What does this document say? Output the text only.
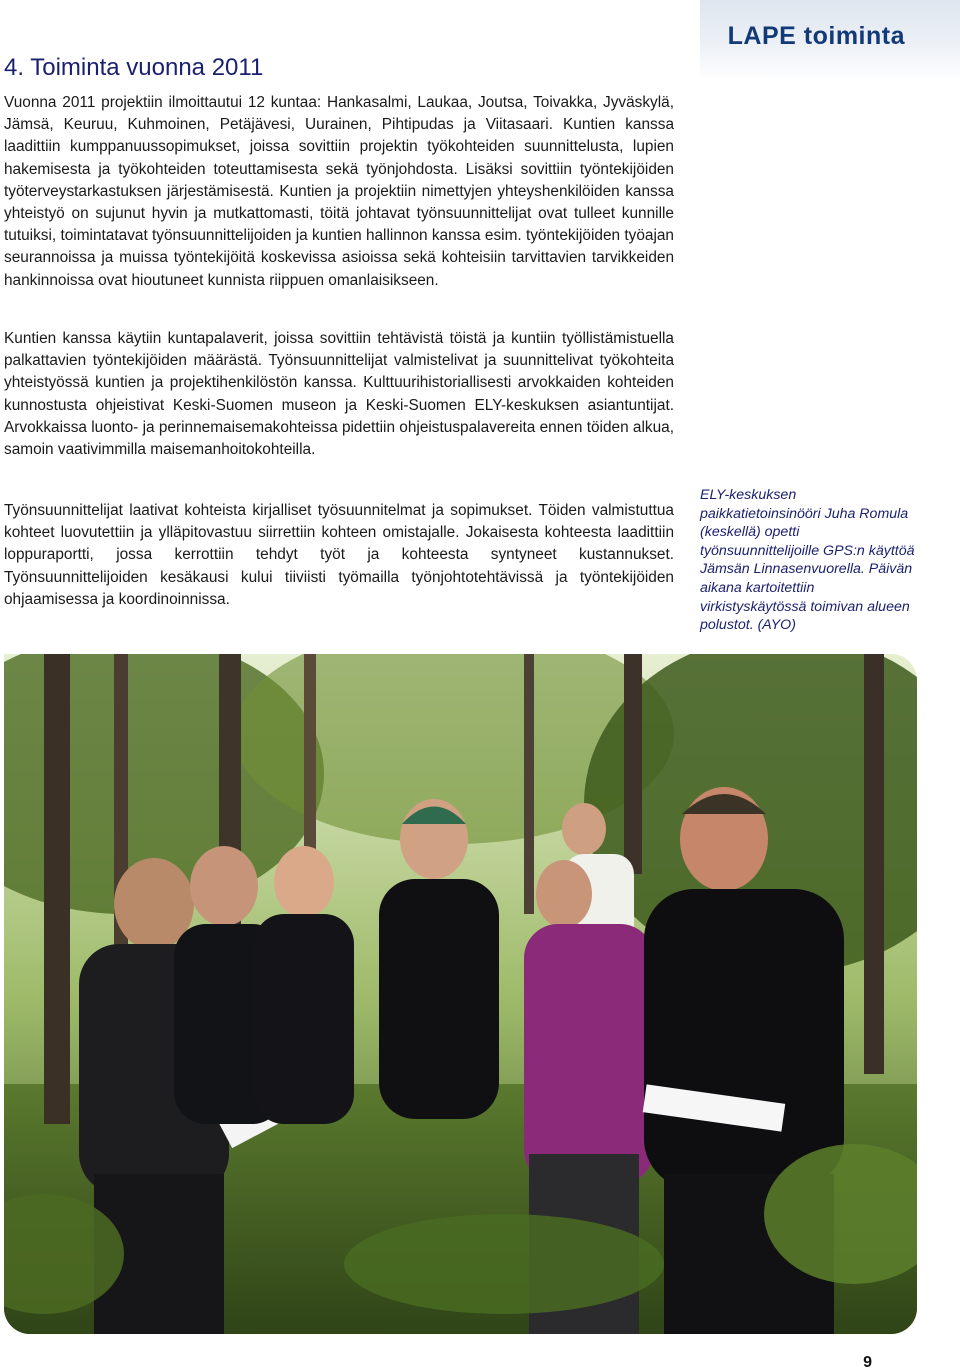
LAPE toiminta
4. Toiminta vuonna 2011

Vuonna 2011 projektiin ilmoittautui 12 kuntaa: Hankasalmi, Laukaa, Joutsa, Toivakka, Jyväskylä, Jämsä, Keuruu, Kuhmoinen, Petäjävesi, Uurainen, Pihtipudas ja Viitasaari. Kuntien kanssa laadittiin kumppanuussopimukset, joissa sovittiin projektin työkohteiden suunnittelusta, lupien hakemisesta ja työkohteiden toteuttamisesta sekä työnjohdosta. Lisäksi sovittiin työntekijöiden työterveystarkastuksen järjestämisestä. Kuntien ja projektiin nimettyjen yhteyshenkilöiden kanssa yhteistyö on sujunut hyvin ja mutkattomasti, töitä johtavat työnsuunnittelijat ovat tulleet kunnille tutuiksi, toimintatavat työnsuunnittelijoiden ja kuntien hallinnon kanssa esim. työntekijöiden työajan seurannoissa ja muissa työntekijöitä koskevissa asioissa sekä kohteisiin tarvittavien tarvikkeiden hankinnoissa ovat hioutuneet kunnista riippuen omanlaisikseen.

Kuntien kanssa käytiin kuntapalaverit, joissa sovittiin tehtävistä töistä ja kuntiin työllistämistuella palkattavien työntekijöiden määrästä. Työnsuunnittelijat valmistelivat ja suunnittelivat työkohteita yhteistyössä kuntien ja projektihenkilöstön kanssa. Kulttuurihistoriallisesti arvokkaiden kohteiden kunnostusta ohjeistivat Keski-Suomen museon ja Keski-Suomen ELY-keskuksen asiantuntijat. Arvokkaissa luonto- ja perinnemaisemakohteissa pidettiin ohjeistuspalavereita ennen töiden alkua, samoin vaativimmilla maisemanhoitokohteilla.

Työnsuunnittelijat laativat kohteista kirjalliset työsuunnitelmat ja sopimukset. Töiden valmistuttua kohteet luovutettiin ja ylläpitovastuu siirrettiin kohteen omistajalle. Jokaisesta kohteesta laadittiin loppuraportti, jossa kerrottiin tehdyt työt ja kohteesta syntyneet kustannukset. Työnsuunnittelijoiden kesäkausi kului tiiviisti työmailla työnjohtotehtävissä ja työntekijöiden ohjaamisessa ja koordinoinnissa.

ELY-keskuksen paikkatietoinsinööri Juha Romula (keskellä) opetti työnsuunnittelijoille GPS:n käyttöä Jämsän Linnasenvuorella. Päivän aikana kartoitettiin virkistyskäytössä toimivan alueen polustot. (AYO)

9
